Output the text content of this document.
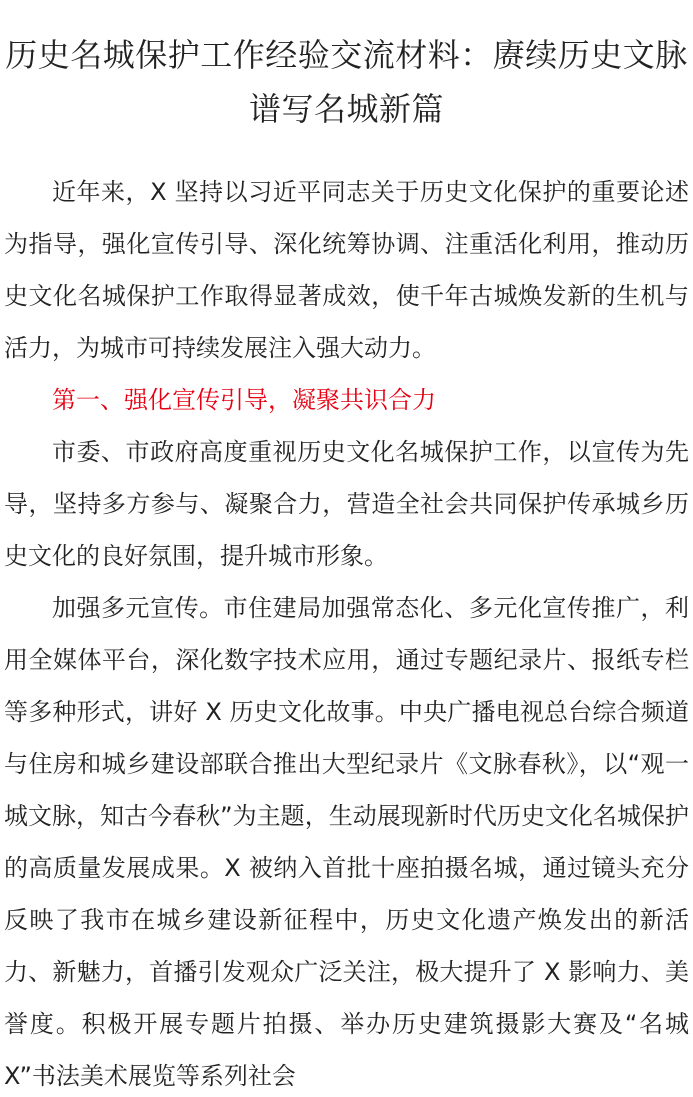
历史名城保护工作经验交流材料：赓续历史文脉谱写名城新篇

近年来，X 坚持以习近平同志关于历史文化保护的重要论述为指导，强化宣传引导、深化统筹协调、注重活化利用，推动历史文化名城保护工作取得显著成效，使千年古城焕发新的生机与活力，为城市可持续发展注入强大动力。

第一、强化宣传引导，凝聚共识合力

市委、市政府高度重视历史文化名城保护工作，以宣传为先导，坚持多方参与、凝聚合力，营造全社会共同保护传承城乡历史文化的良好氛围，提升城市形象。

加强多元宣传。市住建局加强常态化、多元化宣传推广，利用全媒体平台，深化数字技术应用，通过专题纪录片、报纸专栏等多种形式，讲好 X 历史文化故事。中央广播电视总台综合频道与住房和城乡建设部联合推出大型纪录片《文脉春秋》，以“观一城文脉，知古今春秋”为主题，生动展现新时代历史文化名城保护的高质量发展成果。X 被纳入首批十座拍摄名城，通过镜头充分反映了我市在城乡建设新征程中，历史文化遗产焕发出的新活力、新魅力，首播引发观众广泛关注，极大提升了 X 影响力、美誉度。积极开展专题片拍摄、举办历史建筑摄影大赛及“名城 X”书法美术展览等系列社会
